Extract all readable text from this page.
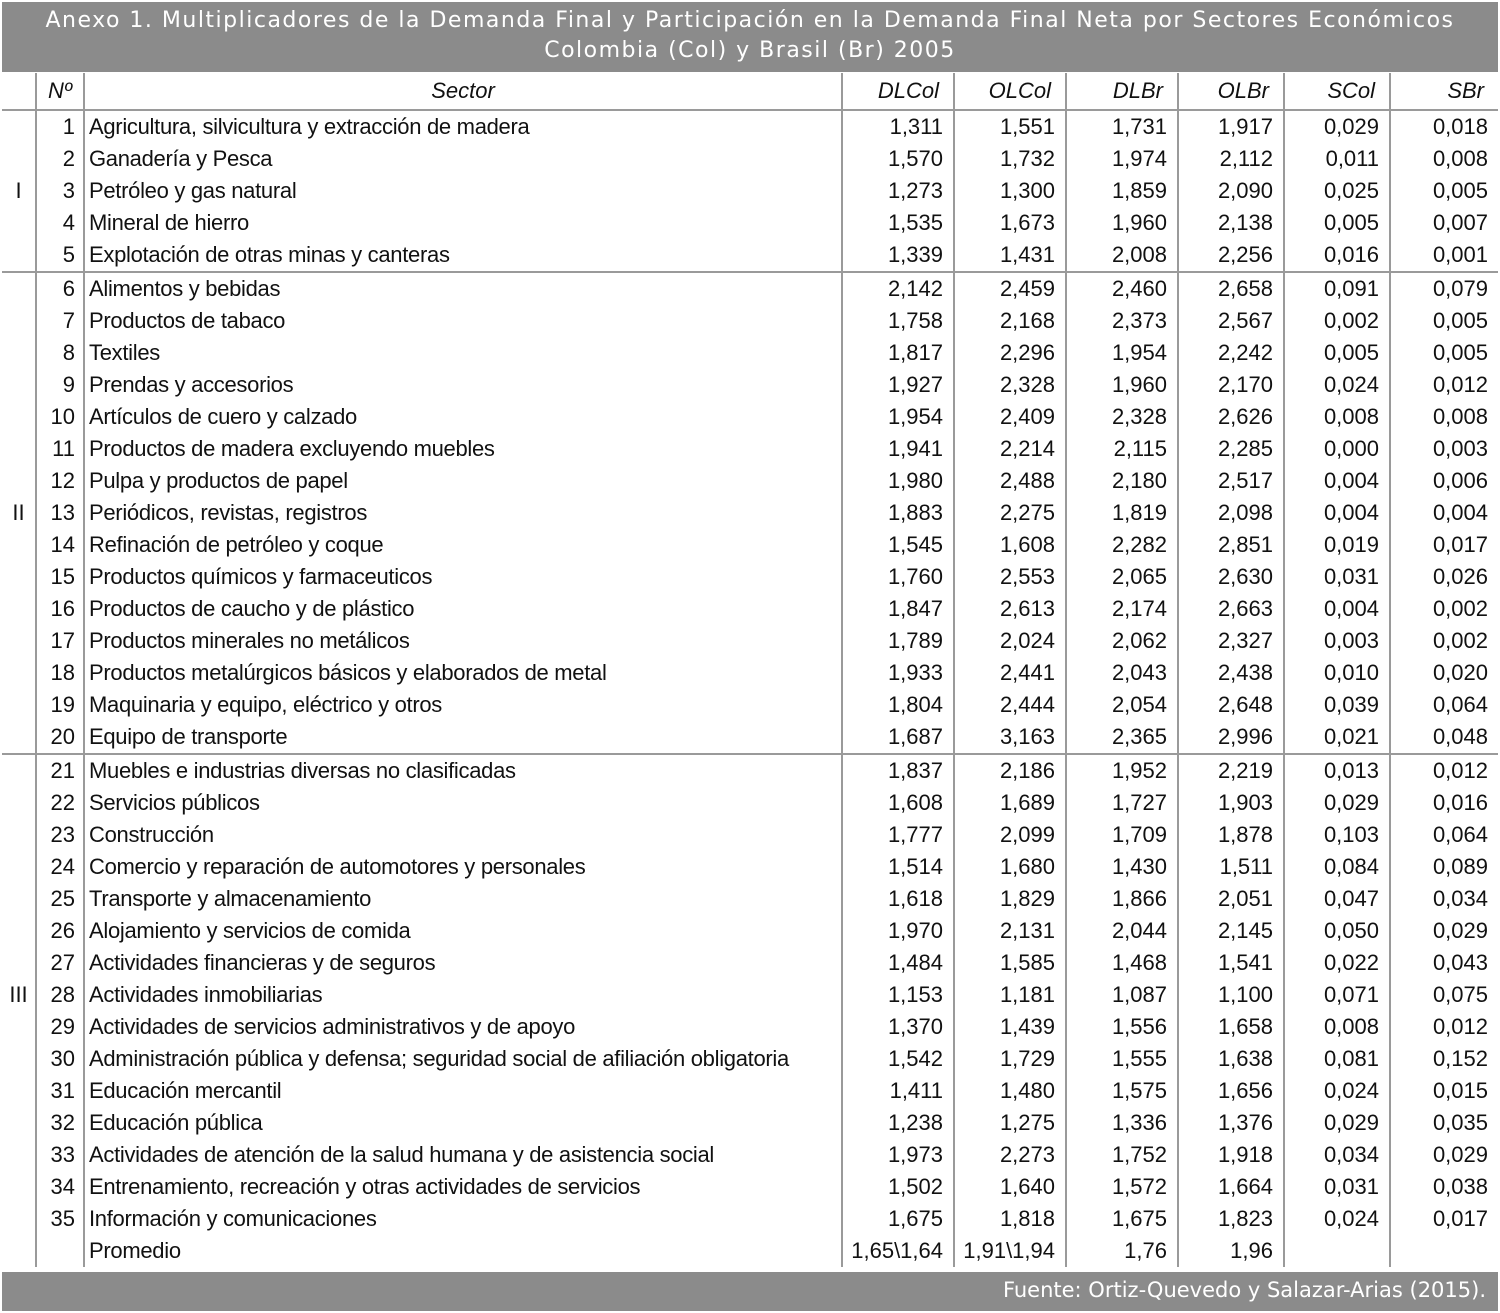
Anexo 1. Multiplicadores de la Demanda Final y Participación en la Demanda Final Neta por Sectores Económicos
Colombia (Col) y Brasil (Br) 2005
	Nº	Sector	DLCol	OLCol	DLBr	OLBr	SCol	SBr
I	1	Agricultura, silvicultura y extracción de madera	1,311	1,551	1,731	1,917	0,029	0,018
	2	Ganadería y Pesca	1,570	1,732	1,974	2,112	0,011	0,008
	3	Petróleo y gas natural	1,273	1,300	1,859	2,090	0,025	0,005
	4	Mineral de hierro	1,535	1,673	1,960	2,138	0,005	0,007
	5	Explotación de otras minas y canteras	1,339	1,431	2,008	2,256	0,016	0,001
II	6	Alimentos y bebidas	2,142	2,459	2,460	2,658	0,091	0,079
	7	Productos de tabaco	1,758	2,168	2,373	2,567	0,002	0,005
	8	Textiles	1,817	2,296	1,954	2,242	0,005	0,005
	9	Prendas y accesorios	1,927	2,328	1,960	2,170	0,024	0,012
	10	Artículos de cuero y calzado	1,954	2,409	2,328	2,626	0,008	0,008
	11	Productos de madera excluyendo muebles	1,941	2,214	2,115	2,285	0,000	0,003
	12	Pulpa y productos de papel	1,980	2,488	2,180	2,517	0,004	0,006
	13	Periódicos, revistas, registros	1,883	2,275	1,819	2,098	0,004	0,004
	14	Refinación de petróleo y coque	1,545	1,608	2,282	2,851	0,019	0,017
	15	Productos químicos y farmaceuticos	1,760	2,553	2,065	2,630	0,031	0,026
	16	Productos de caucho y de plástico	1,847	2,613	2,174	2,663	0,004	0,002
	17	Productos minerales no metálicos	1,789	2,024	2,062	2,327	0,003	0,002
	18	Productos metalúrgicos básicos y elaborados de metal	1,933	2,441	2,043	2,438	0,010	0,020
	19	Maquinaria y equipo, eléctrico y otros	1,804	2,444	2,054	2,648	0,039	0,064
	20	Equipo de transporte	1,687	3,163	2,365	2,996	0,021	0,048
III	21	Muebles e industrias diversas no clasificadas	1,837	2,186	1,952	2,219	0,013	0,012
	22	Servicios públicos	1,608	1,689	1,727	1,903	0,029	0,016
	23	Construcción	1,777	2,099	1,709	1,878	0,103	0,064
	24	Comercio y reparación de automotores y personales	1,514	1,680	1,430	1,511	0,084	0,089
	25	Transporte y almacenamiento	1,618	1,829	1,866	2,051	0,047	0,034
	26	Alojamiento y servicios de comida	1,970	2,131	2,044	2,145	0,050	0,029
	27	Actividades financieras y de seguros	1,484	1,585	1,468	1,541	0,022	0,043
	28	Actividades inmobiliarias	1,153	1,181	1,087	1,100	0,071	0,075
	29	Actividades de servicios administrativos y de apoyo	1,370	1,439	1,556	1,658	0,008	0,012
	30	Administración pública y defensa; seguridad social de afiliación obligatoria	1,542	1,729	1,555	1,638	0,081	0,152
	31	Educación mercantil	1,411	1,480	1,575	1,656	0,024	0,015
	32	Educación pública	1,238	1,275	1,336	1,376	0,029	0,035
	33	Actividades de atención de la salud humana y de asistencia social	1,973	2,273	1,752	1,918	0,034	0,029
	34	Entrenamiento, recreación y otras actividades de servicios	1,502	1,640	1,572	1,664	0,031	0,038
	35	Información y comunicaciones	1,675	1,818	1,675	1,823	0,024	0,017
		Promedio	1,65\1,64	1,91\1,94	1,76	1,96		
Fuente: Ortiz-Quevedo y Salazar-Arias (2015).
